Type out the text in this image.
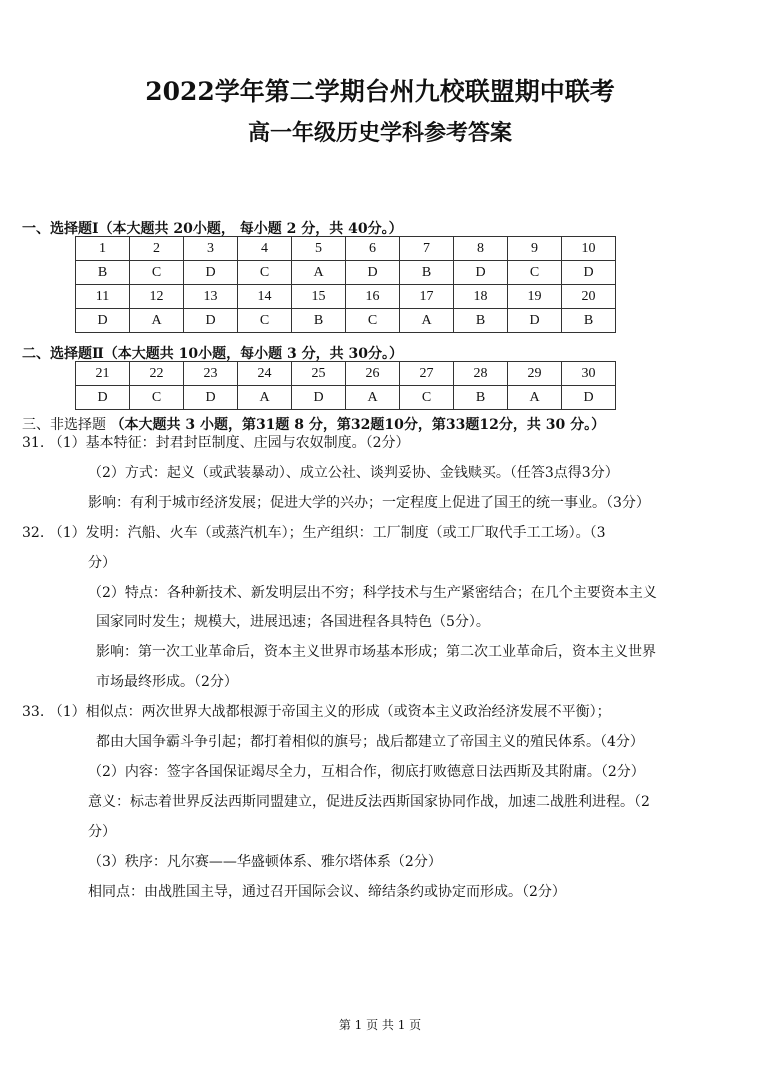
2022学年第二学期台州九校联盟期中联考
高一年级历史学科参考答案
一、选择题Ⅰ（本大题共 20小题， 每小题 2 分，共 40分。）
1	2	3	4	5	6	7	8	9	10
B	C	D	C	A	D	B	D	C	D
11	12	13	14	15	16	17	18	19	20
D	A	D	C	B	C	A	B	D	B
二、选择题Ⅱ（本大题共 10小题，每小题 3 分，共 30分。）
21	22	23	24	25	26	27	28	29	30
D	C	D	A	D	A	C	B	A	D
三、非选择题 （本大题共 3 小题，第31题 8 分，第32题10分，第33题12分，共 30 分。）
31. （1）基本特征：封君封臣制度、庄园与农奴制度。（2分）
（2）方式：起义（或武装暴动）、成立公社、谈判妥协、金钱赎买。（任答3点得3分）
影响：有利于城市经济发展；促进大学的兴办；一定程度上促进了国王的统一事业。（3分）
32. （1）发明：汽船、火车（或蒸汽机车）；生产组织：工厂制度（或工厂取代手工工场）。（3
分）
（2）特点：各种新技术、新发明层出不穷；科学技术与生产紧密结合；在几个主要资本主义
国家同时发生；规模大，进展迅速；各国进程各具特色（5分）。
影响：第一次工业革命后，资本主义世界市场基本形成；第二次工业革命后，资本主义世界
市场最终形成。（2分）
33. （1）相似点：两次世界大战都根源于帝国主义的形成（或资本主义政治经济发展不平衡）；
都由大国争霸斗争引起；都打着相似的旗号；战后都建立了帝国主义的殖民体系。（4分）
（2）内容：签字各国保证竭尽全力，互相合作，彻底打败德意日法西斯及其附庸。（2分）
意义：标志着世界反法西斯同盟建立，促进反法西斯国家协同作战，加速二战胜利进程。（2
分）
（3）秩序：凡尔赛——华盛顿体系、雅尔塔体系（2分）
相同点：由战胜国主导，通过召开国际会议、缔结条约或协定而形成。（2分）
第 1 页 共 1 页
